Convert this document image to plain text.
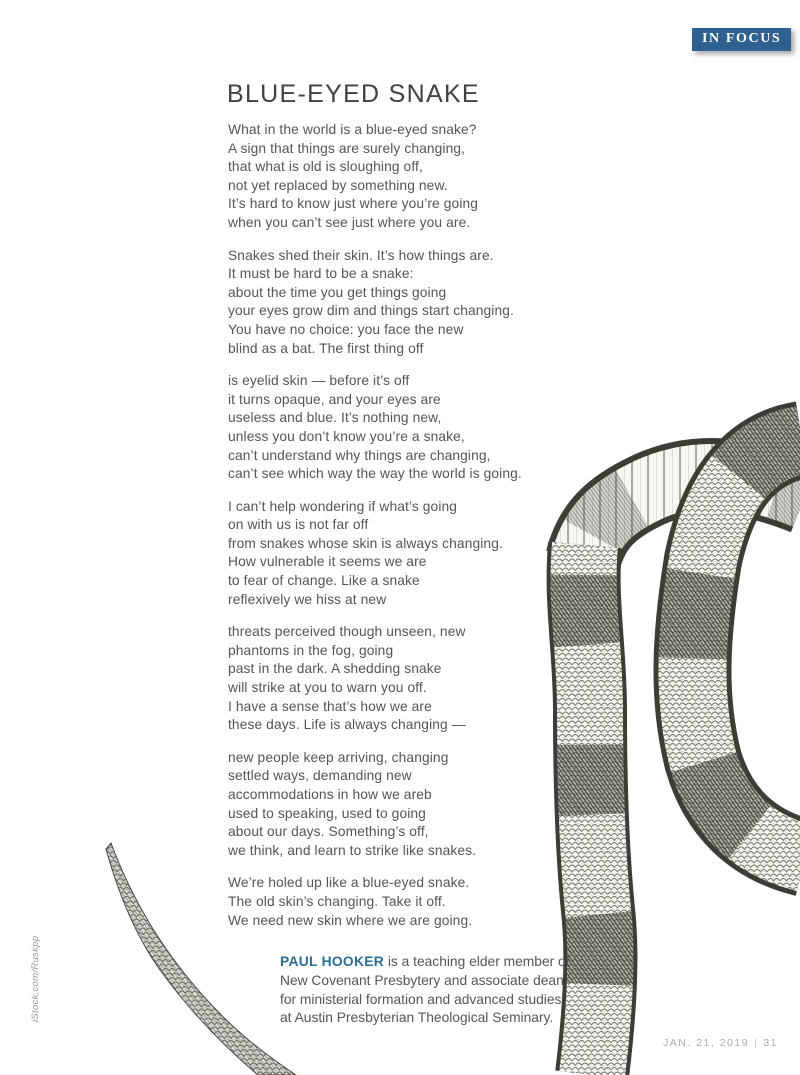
IN FOCUS
BLUE-EYED SNAKE
What in the world is a blue-eyed snake?
A sign that things are surely changing,
that what is old is sloughing off,
not yet replaced by something new.
It’s hard to know just where you’re going
when you can’t see just where you are.
Snakes shed their skin. It’s how things are.
It must be hard to be a snake:
about the time you get things going
your eyes grow dim and things start changing.
You have no choice: you face the new
blind as a bat. The first thing off
is eyelid skin — before it’s off
it turns opaque, and your eyes are
useless and blue. It’s nothing new,
unless you don’t know you’re a snake,
can’t understand why things are changing,
can’t see which way the way the world is going.
I can’t help wondering if what’s going
on with us is not far off
from snakes whose skin is always changing.
How vulnerable it seems we are
to fear of change. Like a snake
reflexively we hiss at new
threats perceived though unseen, new
phantoms in the fog, going
past in the dark. A shedding snake
will strike at you to warn you off.
I have a sense that’s how we are
these days. Life is always changing —
new people keep arriving, changing
settled ways, demanding new
accommodations in how we areb
used to speaking, used to going
about our days. Something’s off,
we think, and learn to strike like snakes.
We’re holed up like a blue-eyed snake.
The old skin’s changing. Take it off.
We need new skin where we are going.
PAUL HOOKER is a teaching elder member of
New Covenant Presbytery and associate dean
for ministerial formation and advanced studies
at Austin Presbyterian Theological Seminary.
iStock.com/Ruskpp
JAN. 21, 2019 | 31
